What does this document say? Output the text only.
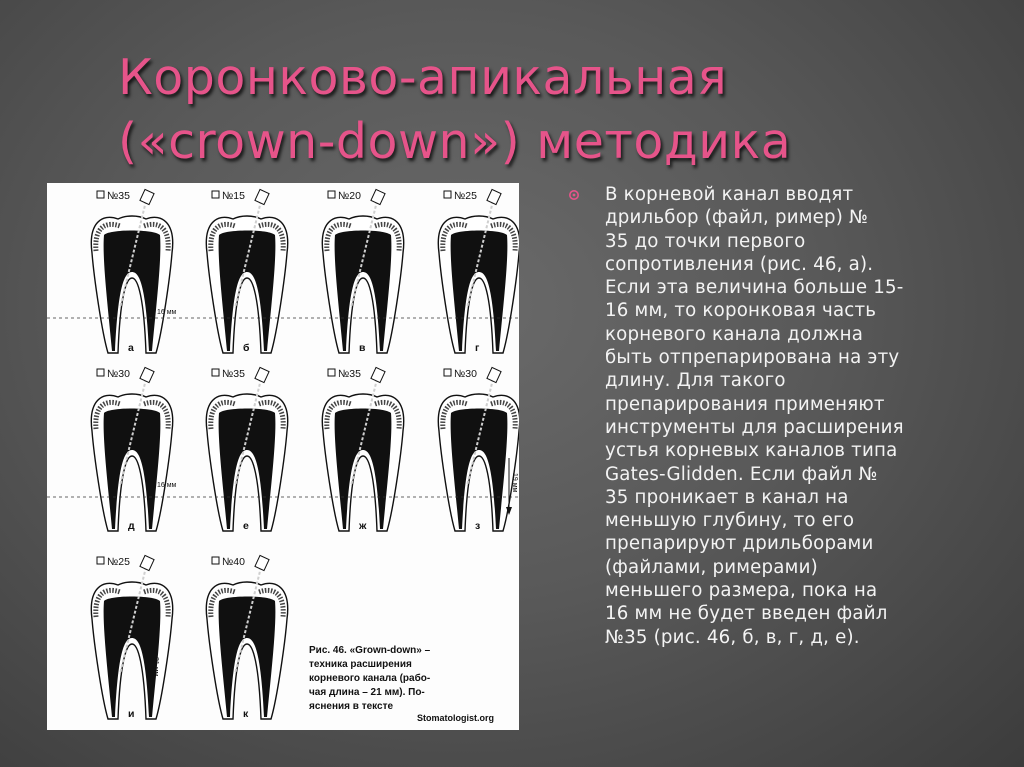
Коронково-апикальная
(«crown-down») методика
№35
а
№15
б
№20
в
№25
г
№30
д
№35
е
№35
ж
№30
з
№25
и
№40
к
16 мм
16 мм	19 мм
21 мм
Рис. 46. «Grown-down» –
техника расширения
корневого канала (рабо-
чая длина – 21 мм). По-
яснения в тексте
Stomatologist.org

В корневой канал вводят
дрильбор (файл, ример) №
35 до точки первого
сопротивления (рис. 46, а).
Если эта величина больше 15-
16 мм, то коронковая часть
корневого канала должна
быть отпрепарирована на эту
длину. Для такого
препарирования применяют
инструменты для расширения
устья корневых каналов типа
Gates-Glidden. Если файл №
35 проникает в канал на
меньшую глубину, то его
препарируют дрильборами
(файлами, римерами)
меньшего размера, пока на
16 мм не будет введен файл
№35 (рис. 46, б, в, г, д, е).
